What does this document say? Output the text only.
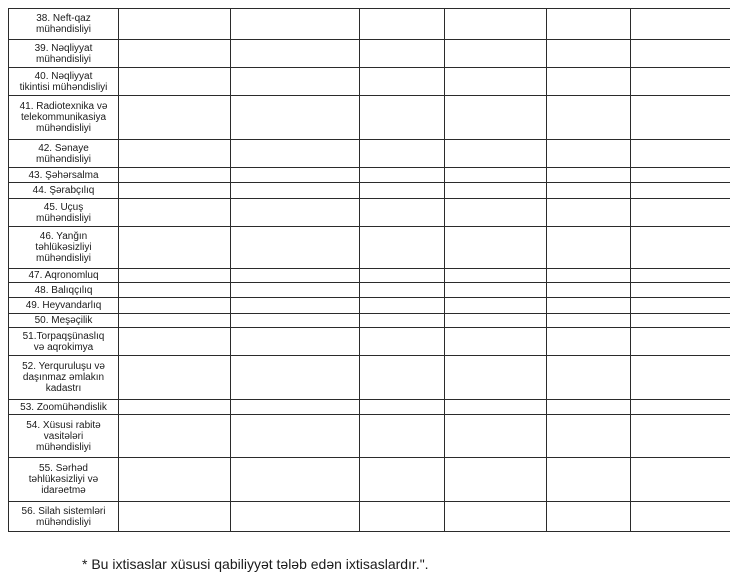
38. Neft-qaz
mühəndisliyi						

39. Nəqliyyat
mühəndisliyi						

40. Nəqliyyat
tikintisi mühəndisliyi						

41. Radiotexnika və
telekommunikasiya
mühəndisliyi						

42. Sənaye
mühəndisliyi						

43. Şəhərsalma						

44. Şərabçılıq						

45. Uçuş
mühəndisliyi						

46. Yanğın
təhlükəsizliyi
mühəndisliyi						

47. Aqronomluq						

48. Balıqçılıq						

49. Heyvandarlıq						

50. Meşəçilik						

51.Torpaqşünaslıq
və aqrokimya						

52. Yerquruluşu və
daşınmaz əmlakın
kadastrı						

53. Zoomühəndislik						

54. Xüsusi rabitə
vasitələri
mühəndisliyi						

55. Sərhəd
təhlükəsizliyi və
idarəetmə						

56. Silah sistemləri
mühəndisliyi						

* Bu ixtisaslar xüsusi qabiliyyət tələb edən ixtisaslardır.".
